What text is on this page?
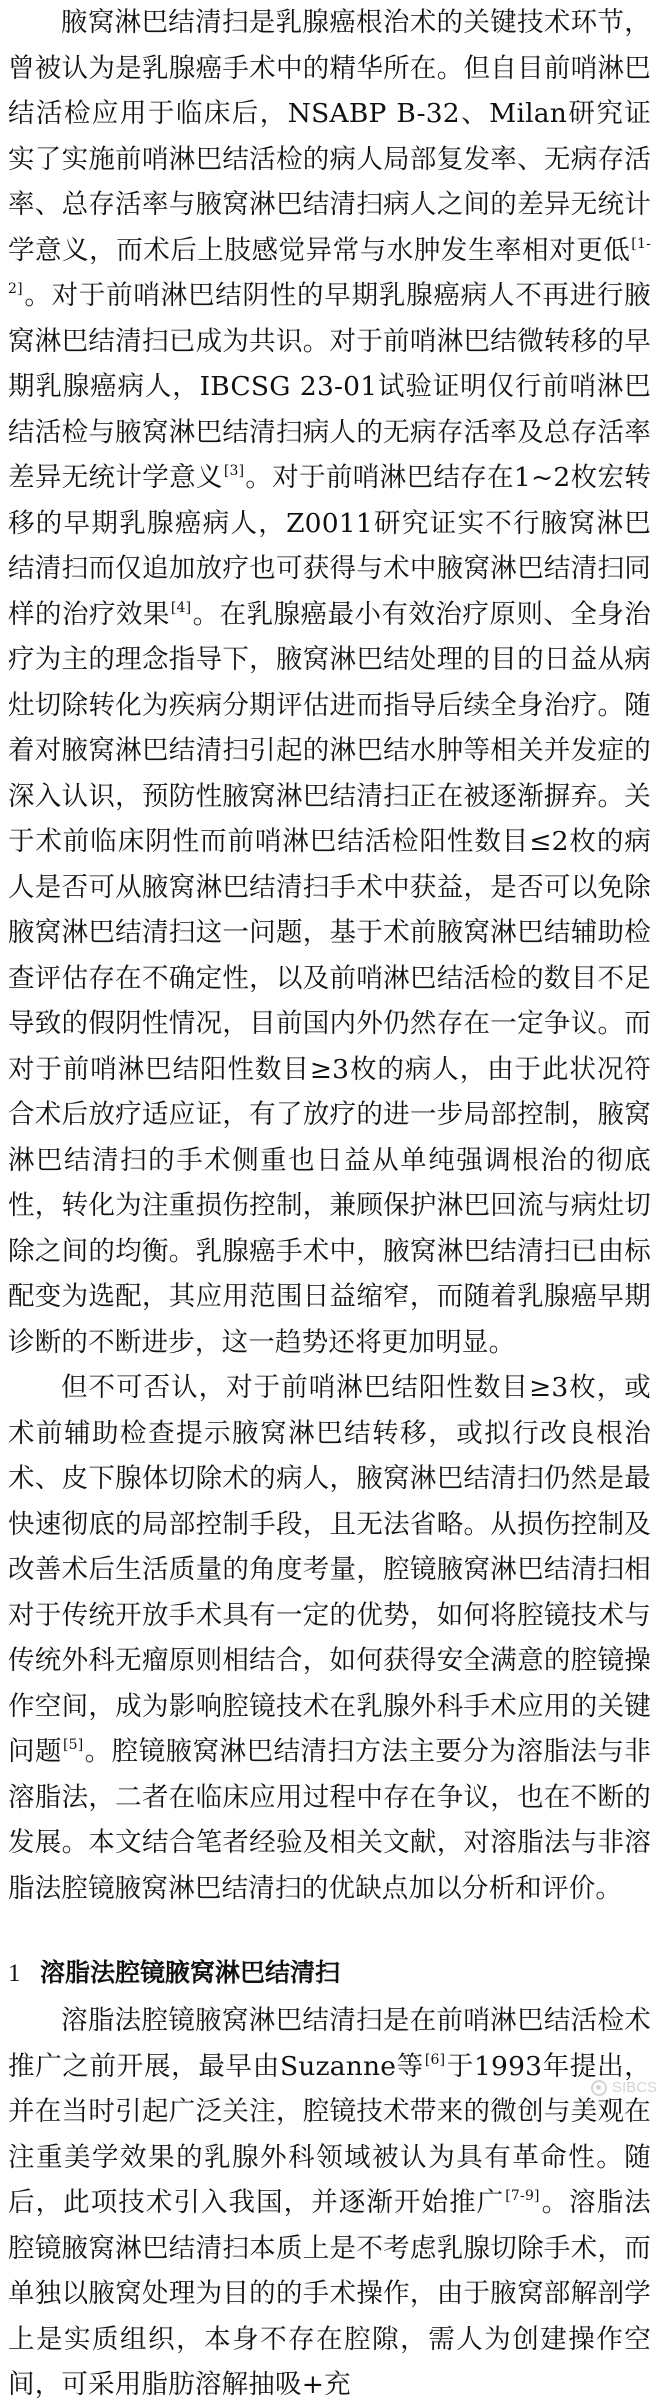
腋窝淋巴结清扫是乳腺癌根治术的关键技术环节，曾被认为是乳腺癌手术中的精华所在。但自目前哨淋巴结活检应用于临床后，NSABP B-32、Milan研究证实了实施前哨淋巴结活检的病人局部复发率、无病存活率、总存活率与腋窝淋巴结清扫病人之间的差异无统计学意义，而术后上肢感觉异常与水肿发生率相对更低[1-2]。对于前哨淋巴结阴性的早期乳腺癌病人不再进行腋窝淋巴结清扫已成为共识。对于前哨淋巴结微转移的早期乳腺癌病人，IBCSG 23-01试验证明仅行前哨淋巴结活检与腋窝淋巴结清扫病人的无病存活率及总存活率差异无统计学意义[3]。对于前哨淋巴结存在1~2枚宏转移的早期乳腺癌病人，Z0011研究证实不行腋窝淋巴结清扫而仅追加放疗也可获得与术中腋窝淋巴结清扫同样的治疗效果[4]。在乳腺癌最小有效治疗原则、全身治疗为主的理念指导下，腋窝淋巴结处理的目的日益从病灶切除转化为疾病分期评估进而指导后续全身治疗。随着对腋窝淋巴结清扫引起的淋巴结水肿等相关并发症的深入认识，预防性腋窝淋巴结清扫正在被逐渐摒弃。关于术前临床阴性而前哨淋巴结活检阳性数目≤2枚的病人是否可从腋窝淋巴结清扫手术中获益，是否可以免除腋窝淋巴结清扫这一问题，基于术前腋窝淋巴结辅助检查评估存在不确定性，以及前哨淋巴结活检的数目不足导致的假阴性情况，目前国内外仍然存在一定争议。而对于前哨淋巴结阳性数目≥3枚的病人，由于此状况符合术后放疗适应证，有了放疗的进一步局部控制，腋窝淋巴结清扫的手术侧重也日益从单纯强调根治的彻底性，转化为注重损伤控制，兼顾保护淋巴回流与病灶切除之间的均衡。乳腺癌手术中，腋窝淋巴结清扫已由标配变为选配，其应用范围日益缩窄，而随着乳腺癌早期诊断的不断进步，这一趋势还将更加明显。

但不可否认，对于前哨淋巴结阳性数目≥3枚，或术前辅助检查提示腋窝淋巴结转移，或拟行改良根治术、皮下腺体切除术的病人，腋窝淋巴结清扫仍然是最快速彻底的局部控制手段，且无法省略。从损伤控制及改善术后生活质量的角度考量，腔镜腋窝淋巴结清扫相对于传统开放手术具有一定的优势，如何将腔镜技术与传统外科无瘤原则相结合，如何获得安全满意的腔镜操作空间，成为影响腔镜技术在乳腺外科手术应用的关键问题[5]。腔镜腋窝淋巴结清扫方法主要分为溶脂法与非溶脂法，二者在临床应用过程中存在争议，也在不断的发展。本文结合笔者经验及相关文献，对溶脂法与非溶脂法腔镜腋窝淋巴结清扫的优缺点加以分析和评价。

1 溶脂法腔镜腋窝淋巴结清扫

溶脂法腔镜腋窝淋巴结清扫是在前哨淋巴结活检术推广之前开展，最早由Suzanne等[6]于1993年提出，并在当时引起广泛关注，腔镜技术带来的微创与美观在注重美学效果的乳腺外科领域被认为具有革命性。随后，此项技术引入我国，并逐渐开始推广[7-9]。溶脂法腔镜腋窝淋巴结清扫本质上是不考虑乳腺切除手术，而单独以腋窝处理为目的的手术操作，由于腋窝部解剖学上是实质组织，本身不存在腔隙，需人为创建操作空间，可采用脂肪溶解抽吸+充

SIBCS
